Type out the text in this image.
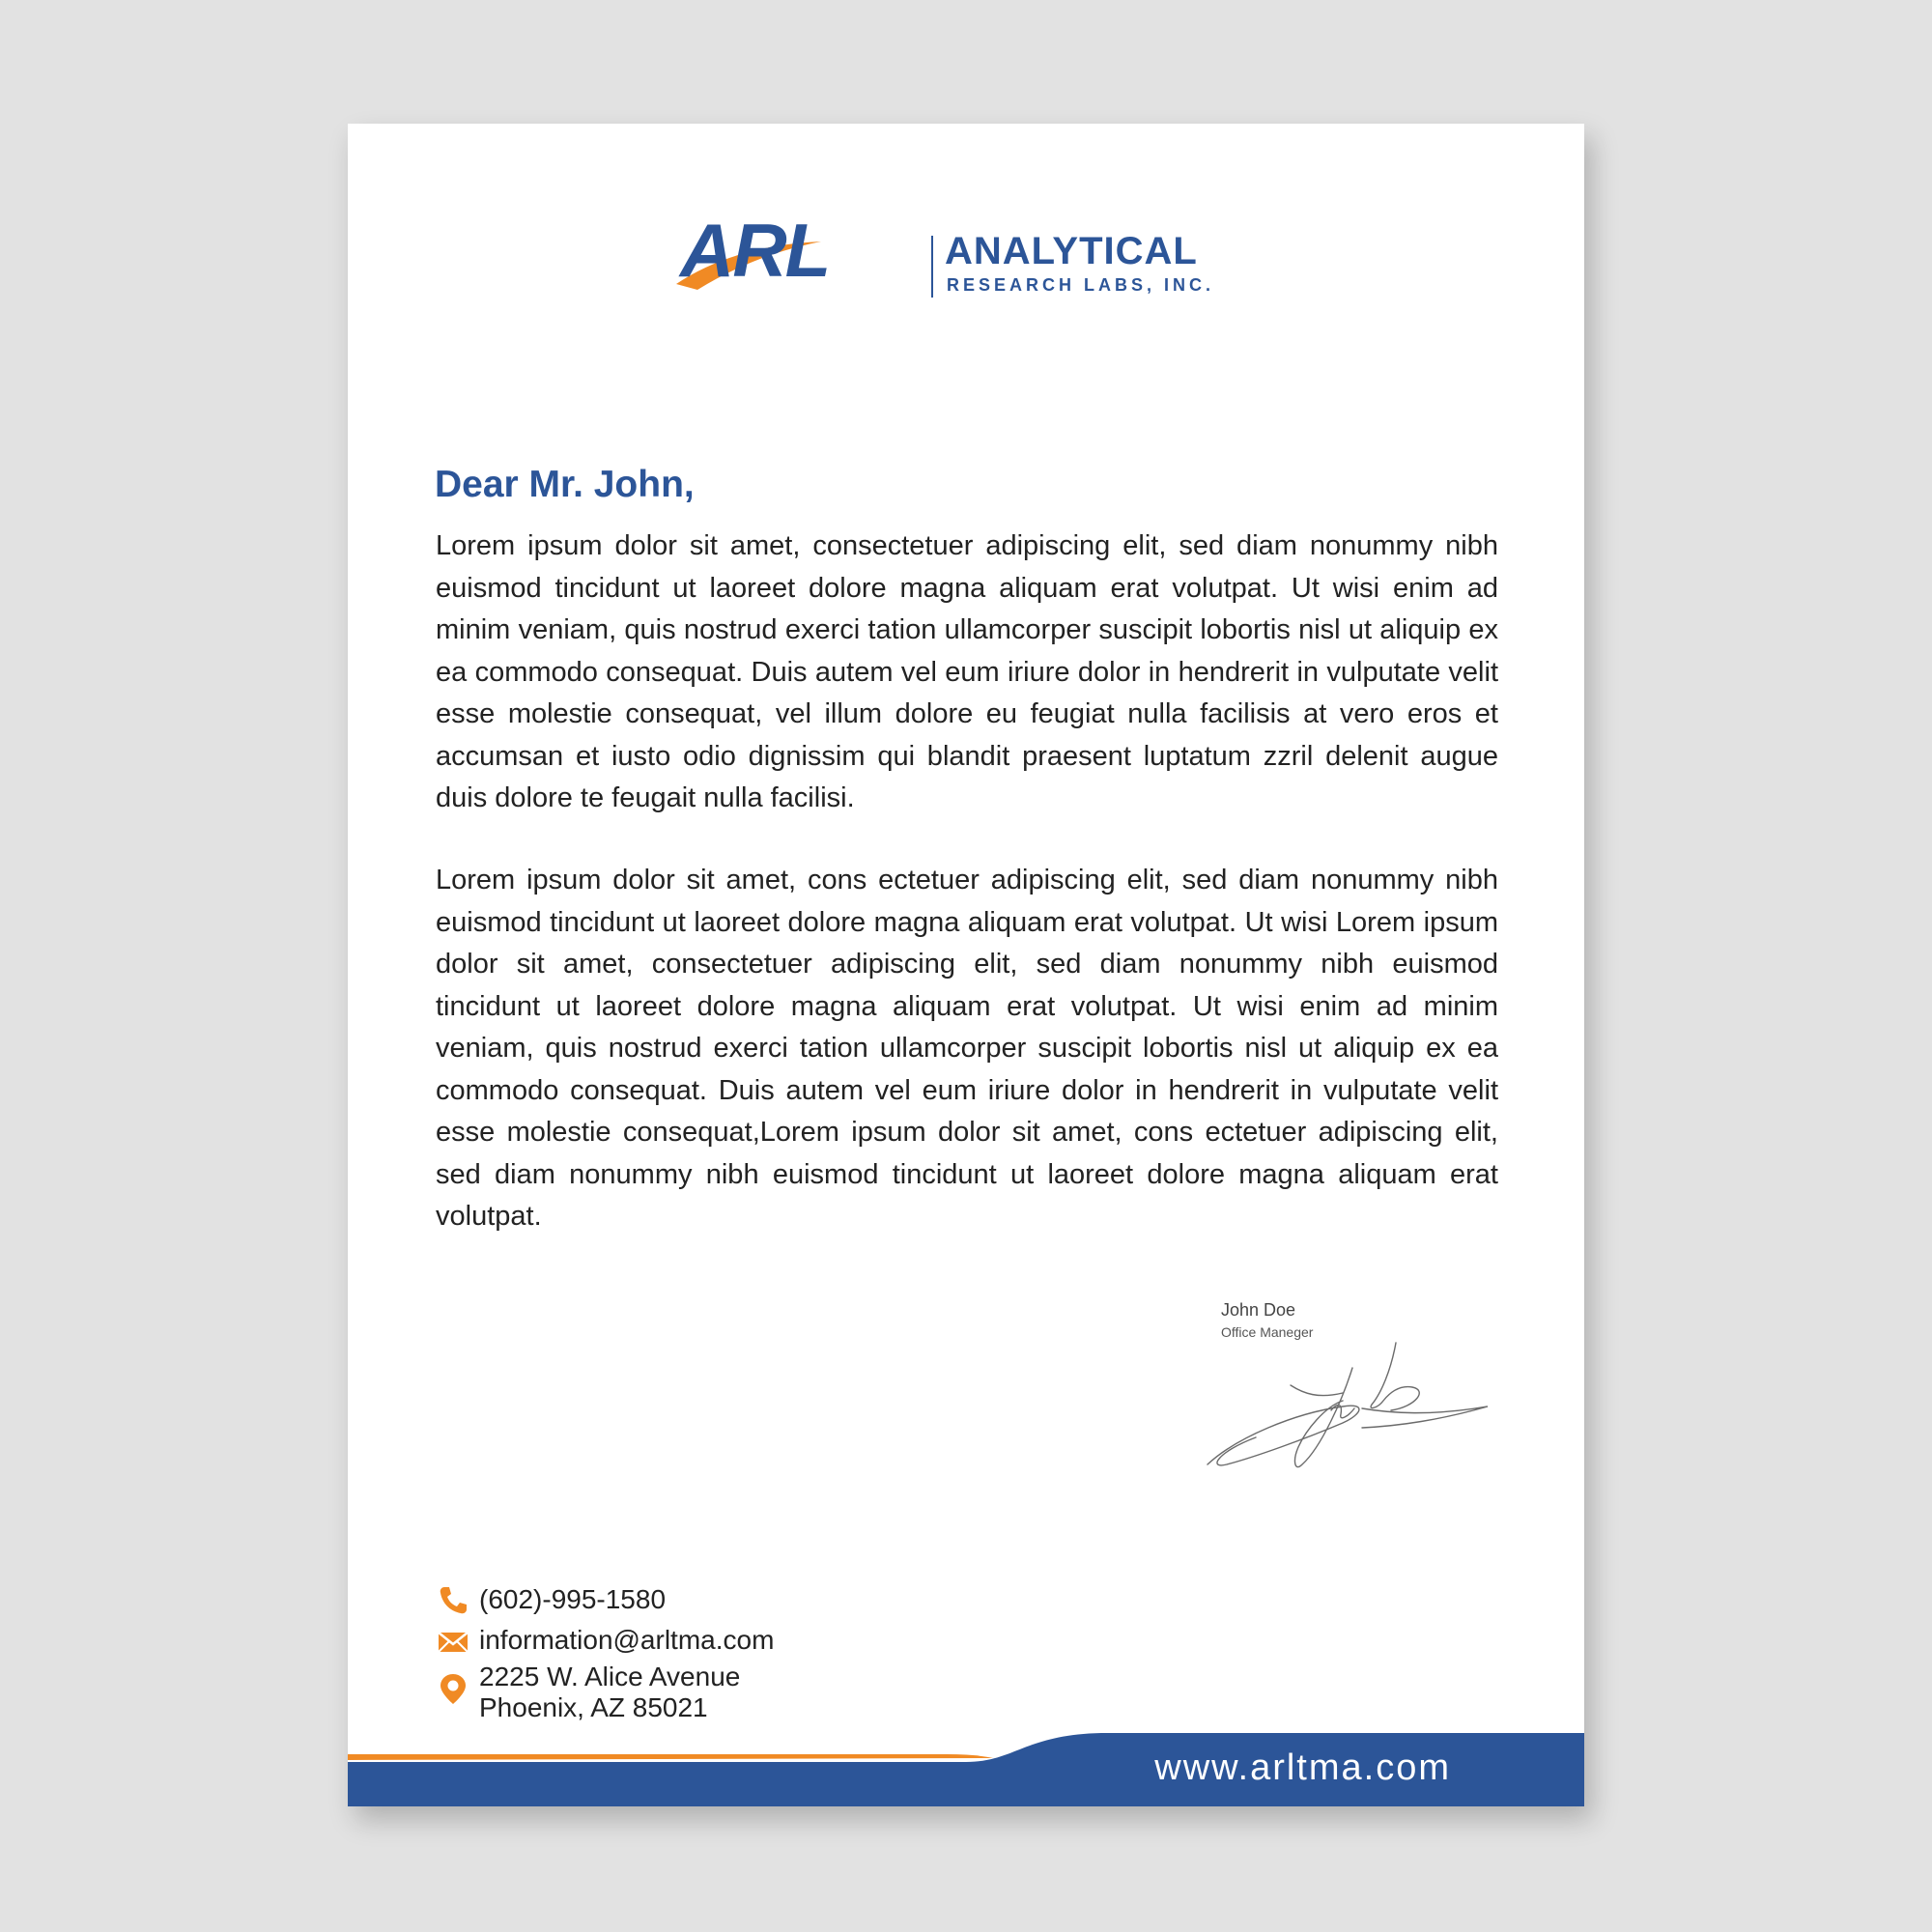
ARL	ANALYTICAL
RESEARCH LABS, INC.
Dear Mr. John,

Lorem ipsum dolor sit amet, consectetuer adipiscing elit, sed diam nonummy nibh euismod tincidunt ut laoreet dolore magna aliquam erat volutpat. Ut wisi enim ad minim veniam, quis nostrud exerci tation ullamcorper suscipit lobortis nisl ut aliquip ex ea commodo consequat. Duis autem vel eum iriure dolor in hendrerit in vulputate velit esse molestie consequat, vel illum dolore eu feugiat nulla facilisis at vero eros et accumsan et iusto odio dignissim qui blandit praesent luptatum zzril delenit augue duis dolore te feugait nulla facilisi.

Lorem ipsum dolor sit amet, cons ectetuer adipiscing elit, sed diam nonummy nibh euismod tincidunt ut laoreet dolore magna aliquam erat volutpat. Ut wisi Lorem ipsum dolor sit amet, consectetuer adipiscing elit, sed diam nonummy nibh euismod tincidunt ut laoreet dolore magna aliquam erat volutpat. Ut wisi enim ad minim veniam, quis nostrud exerci tation ullamcorper suscipit lobortis nisl ut aliquip ex ea commodo consequat. Duis autem vel eum iriure dolor in hendrerit in vulputate velit esse molestie consequat,Lorem ipsum dolor sit amet, cons ectetuer adipiscing elit, sed diam nonummy nibh euismod tincidunt ut laoreet dolore magna aliquam erat volutpat.

John Doe
Office Maneger
(602)-995-1580
information@arltma.com
2225 W. Alice Avenue
Phoenix, AZ 85021
www.arltma.com
